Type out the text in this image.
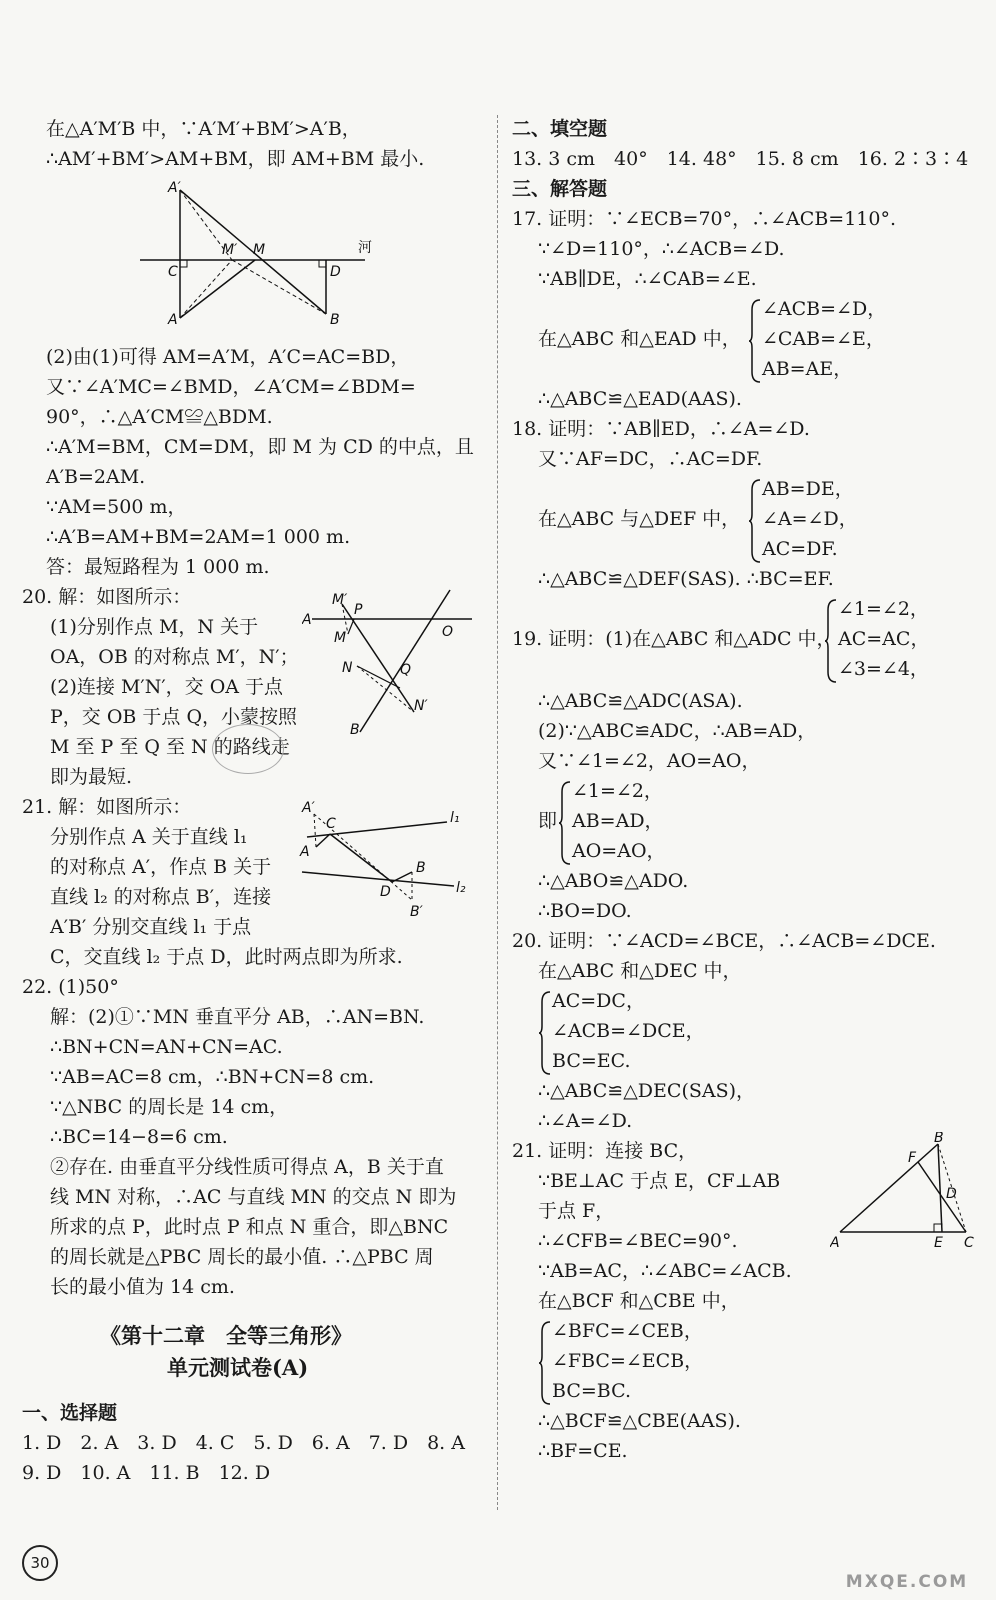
在△A′M′B 中，∵A′M′+BM′>A′B，
∴AM′+BM′>AM+BM，即 AM+BM 最小.
A′
C
M′ M
D
河
A	B
(2)由(1)可得 AM=A′M，A′C=AC=BD，
又∵∠A′MC=∠BMD，∠A′CM=∠BDM=
90°，∴△A′CM≌△BDM.
∴A′M=BM，CM=DM，即 M 为 CD 的中点，且
A′B=2AM.
∵AM=500 m，
∴A′B=AM+BM=2AM=1 000 m.
答：最短路程为 1 000 m.
20. 解：如图所示：
(1)分别作点 M，N 关于
OA，OB 的对称点 M′，N′；
(2)连接 M′N′，交 OA 于点
P，交 OB 于点 Q，小蒙按照
M 至 P 至 Q 至 N 的路线走
即为最短.
M′
P
A
M	O
N	Q
N′
B
21. 解：如图所示：
分别作点 A 关于直线 l₁
的对称点 A′，作点 B 关于
直线 l₂ 的对称点 B′，连接
A′B′ 分别交直线 l₁ 于点
C，交直线 l₂ 于点 D，此时两点即为所求.
A′
C	l₁
A
B
D	l₂
B′
22. (1)50°
解：(2)①∵MN 垂直平分 AB，∴AN=BN.
∴BN+CN=AN+CN=AC.
∵AB=AC=8 cm，∴BN+CN=8 cm.
∵△NBC 的周长是 14 cm，
∴BC=14−8=6 cm.
②存在. 由垂直平分线性质可得点 A，B 关于直
线 MN 对称，∴AC 与直线 MN 的交点 N 即为
所求的点 P，此时点 P 和点 N 重合，即△BNC
的周长就是△PBC 周长的最小值. ∴△PBC 周
长的最小值为 14 cm.
《第十二章　全等三角形》
单元测试卷(A)
一、选择题
1. D　2. A　3. D　4. C　5. D　6. A　7. D　8. A
9. D　10. A　11. B　12. D
二、填空题
13. 3 cm　40°　14. 48°　15. 8 cm　16. 2∶3∶4
三、解答题
17. 证明：∵∠ECB=70°，∴∠ACB=110°.
∵∠D=110°，∴∠ACB=∠D.
∵AB∥DE，∴∠CAB=∠E.
在△ABC 和△EAD 中，
∠ACB=∠D，
∠CAB=∠E，
AB=AE，
∴△ABC≌△EAD(AAS).
18. 证明：∵AB∥ED，∴∠A=∠D.
又∵AF=DC，∴AC=DF.
在△ABC 与△DEF 中，
AB=DE，
∠A=∠D，
AC=DF.
∴△ABC≌△DEF(SAS). ∴BC=EF.
19. 证明：(1)在△ABC 和△ADC 中，
∠1=∠2，
AC=AC，
∠3=∠4，
∴△ABC≌△ADC(ASA).
(2)∵△ABC≌ADC，∴AB=AD，
又∵∠1=∠2，AO=AO，
即
∠1=∠2，
AB=AD，
AO=AO，
∴△ABO≌△ADO.
∴BO=DO.
20. 证明：∵∠ACD=∠BCE，∴∠ACB=∠DCE.
在△ABC 和△DEC 中，
AC=DC，
∠ACB=∠DCE，
BC=EC.
∴△ABC≌△DEC(SAS)，
∴∠A=∠D.
21. 证明：连接 BC，
∵BE⊥AC 于点 E，CF⊥AB
于点 F，
∴∠CFB=∠BEC=90°.
∵AB=AC，∴∠ABC=∠ACB.
在△BCF 和△CBE 中，
∠BFC=∠CEB，
∠FBC=∠ECB，
BC=BC.
∴△BCF≌△CBE(AAS).
∴BF=CE.
B
F
D
A	E C
30
MXQE.COM
